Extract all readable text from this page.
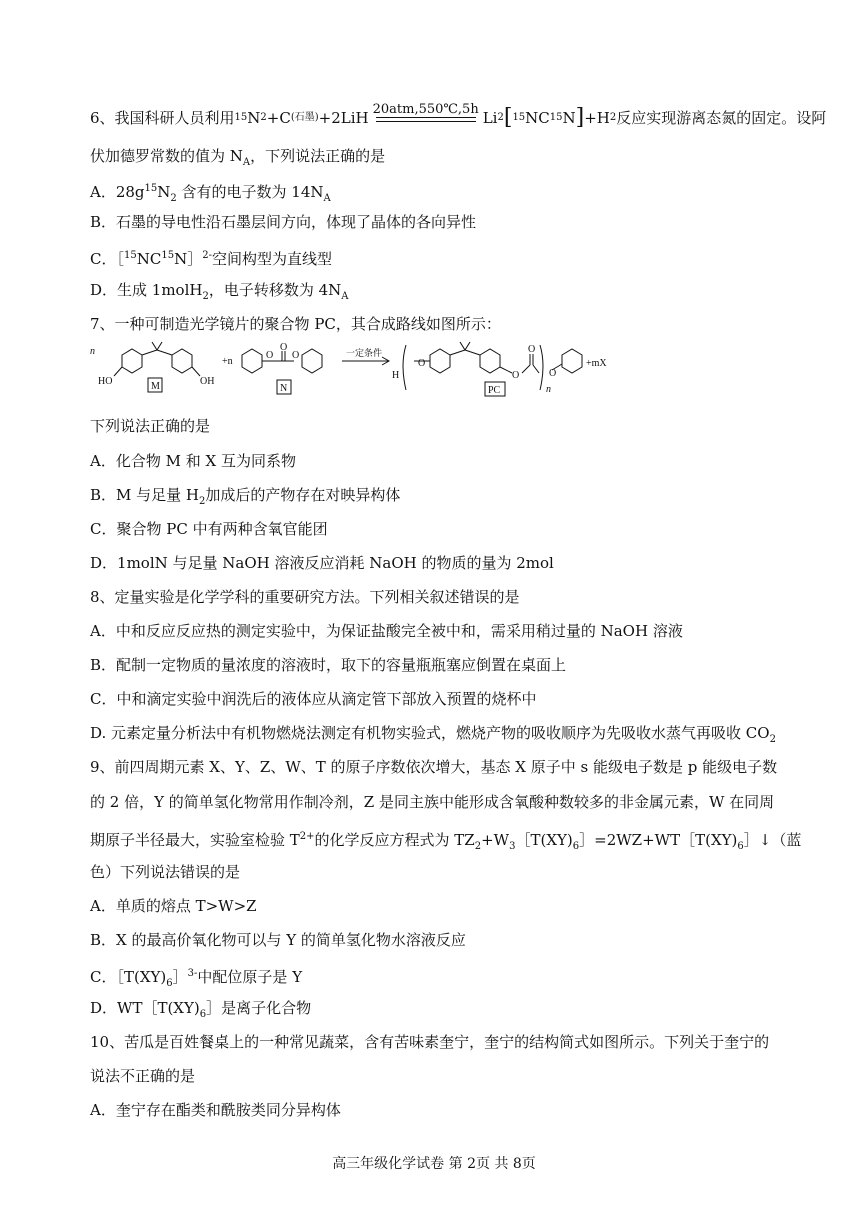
6、我国科研人员利用 15 N 2 +C (石墨) +2LiH 20atm,550℃,5h Li 2 [ 15 NC 15 N ] +H 2 反应实现游离态氮的固定。设阿
伏加德罗常数的值为 $N_A$，下列说法正确的是
A．$28g^{15}N_2$ 含有的电子数为 $14N_A$
B．石墨的导电性沿石墨层间方向，体现了晶体的各向异性
C．［$^{15}$NC$^{15}$N］$^{2-}$空间构型为直线型
D．生成 1molH$_2$，电子转移数为 $4N_A$
7、一种可制造光学镜片的聚合物 PC，其合成路线如图所示：
n
HO	OH
M
+n
O
O
O
N
一定条件
H
O
O
O
n
O
PC
+mX
下列说法正确的是
A．化合物 M 和 X 互为同系物
B．M 与足量 $H_2$加成后的产物存在对映异构体
C．聚合物 PC 中有两种含氧官能团
D．1molN 与足量 NaOH 溶液反应消耗 NaOH 的物质的量为 2mol
8、定量实验是化学学科的重要研究方法。下列相关叙述错误的是
A．中和反应反应热的测定实验中，为保证盐酸完全被中和，需采用稍过量的 NaOH 溶液
B．配制一定物质的量浓度的溶液时，取下的容量瓶瓶塞应倒置在桌面上
C．中和滴定实验中润洗后的液体应从滴定管下部放入预置的烧杯中
D. 元素定量分析法中有机物燃烧法测定有机物实验式，燃烧产物的吸收顺序为先吸收水蒸气再吸收 $CO_2$
9、前四周期元素 X、Y、Z、W、T 的原子序数依次增大，基态 X 原子中 s 能级电子数是 p 能级电子数
的 2 倍，Y 的简单氢化物常用作制冷剂，Z 是同主族中能形成含氧酸种数较多的非金属元素，W 在同周
期原子半径最大，实验室检验 $T^{2+}$的化学反应方程式为 $TZ_2+W_3[T(XY)_6]=2WZ+WT[T(XY)_6]↓$（蓝
色）下列说法错误的是
A．单质的熔点 T>W>Z
B．X 的最高价氧化物可以与 Y 的简单氢化物水溶液反应
C．$[T(XY)_6]^{3-}$中配位原子是 Y
D．$WT[T(XY)_6]$是离子化合物
10、苦瓜是百姓餐桌上的一种常见蔬菜，含有苦味素奎宁，奎宁的结构简式如图所示。下列关于奎宁的
说法不正确的是
A．奎宁存在酯类和酰胺类同分异构体
高三年级化学试卷 第 2页 共 8页
